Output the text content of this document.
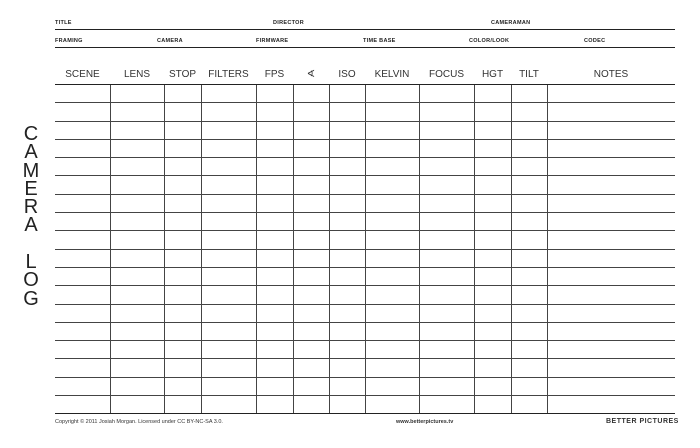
TITLE	DIRECTOR	CAMERAMAN
FRAMING	CAMERA	FIRMWARE	TIME BASE	COLOR/LOOK	CODEC
C
A
M
E
R
A
L
O
G
SCENE	LENS	STOP	FILTERS	FPS	∢	ISO	KELVIN	FOCUS	HGT	TILT	NOTES

Copyright © 2011 Josiah Morgan. Licensed under CC BY-NC-SA 3.0.	www.betterpictures.tv	BETTER PICTURES
